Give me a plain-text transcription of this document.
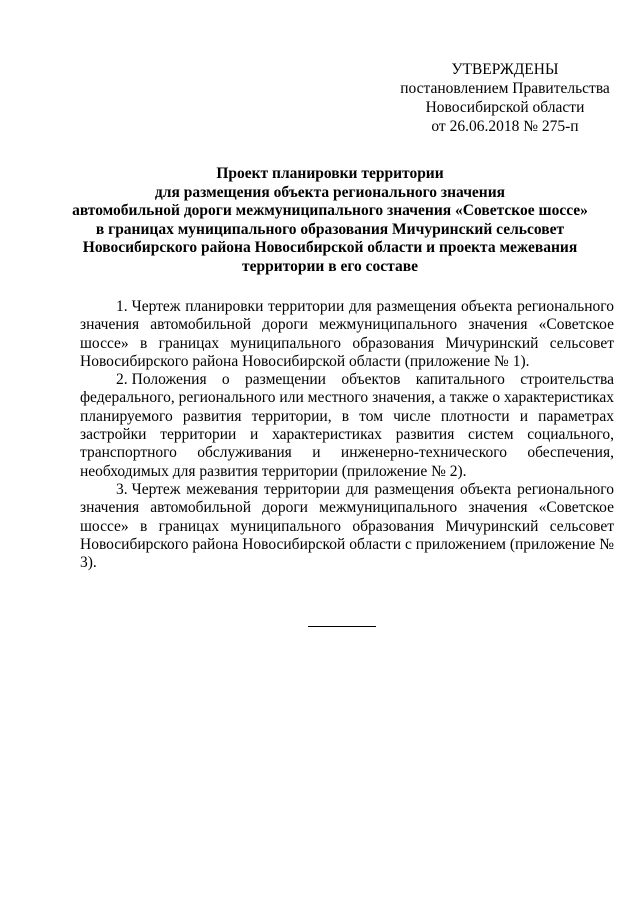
УТВЕРЖДЕНЫ
постановлением Правительства
Новосибирской области
от 26.06.2018 № 275-п
Проект планировки территории
для размещения объекта регионального значения
автомобильной дороги межмуниципального значения «Советское шоссе»
в границах муниципального образования Мичуринский сельсовет
Новосибирского района Новосибирской области и проекта межевания
территории в его составе

1. Чертеж планировки территории для размещения объекта регионального значения автомобильной дороги межмуниципального значения «Советское шоссе» в границах муниципального образования Мичуринский сельсовет Новосибирского района Новосибирской области (приложение № 1).

2. Положения о размещении объектов капитального строительства федерального, регионального или местного значения, а также о характеристиках планируемого развития территории, в том числе плотности и параметрах застройки территории и характеристиках развития систем социального, транспортного обслуживания и инженерно-технического обеспечения, необходимых для развития территории (приложение № 2).

3. Чертеж межевания территории для размещения объекта регионального значения автомобильной дороги межмуниципального значения «Советское шоссе» в границах муниципального образования Мичуринский сельсовет Новосибирского района Новосибирской области с приложением (приложение № 3).
